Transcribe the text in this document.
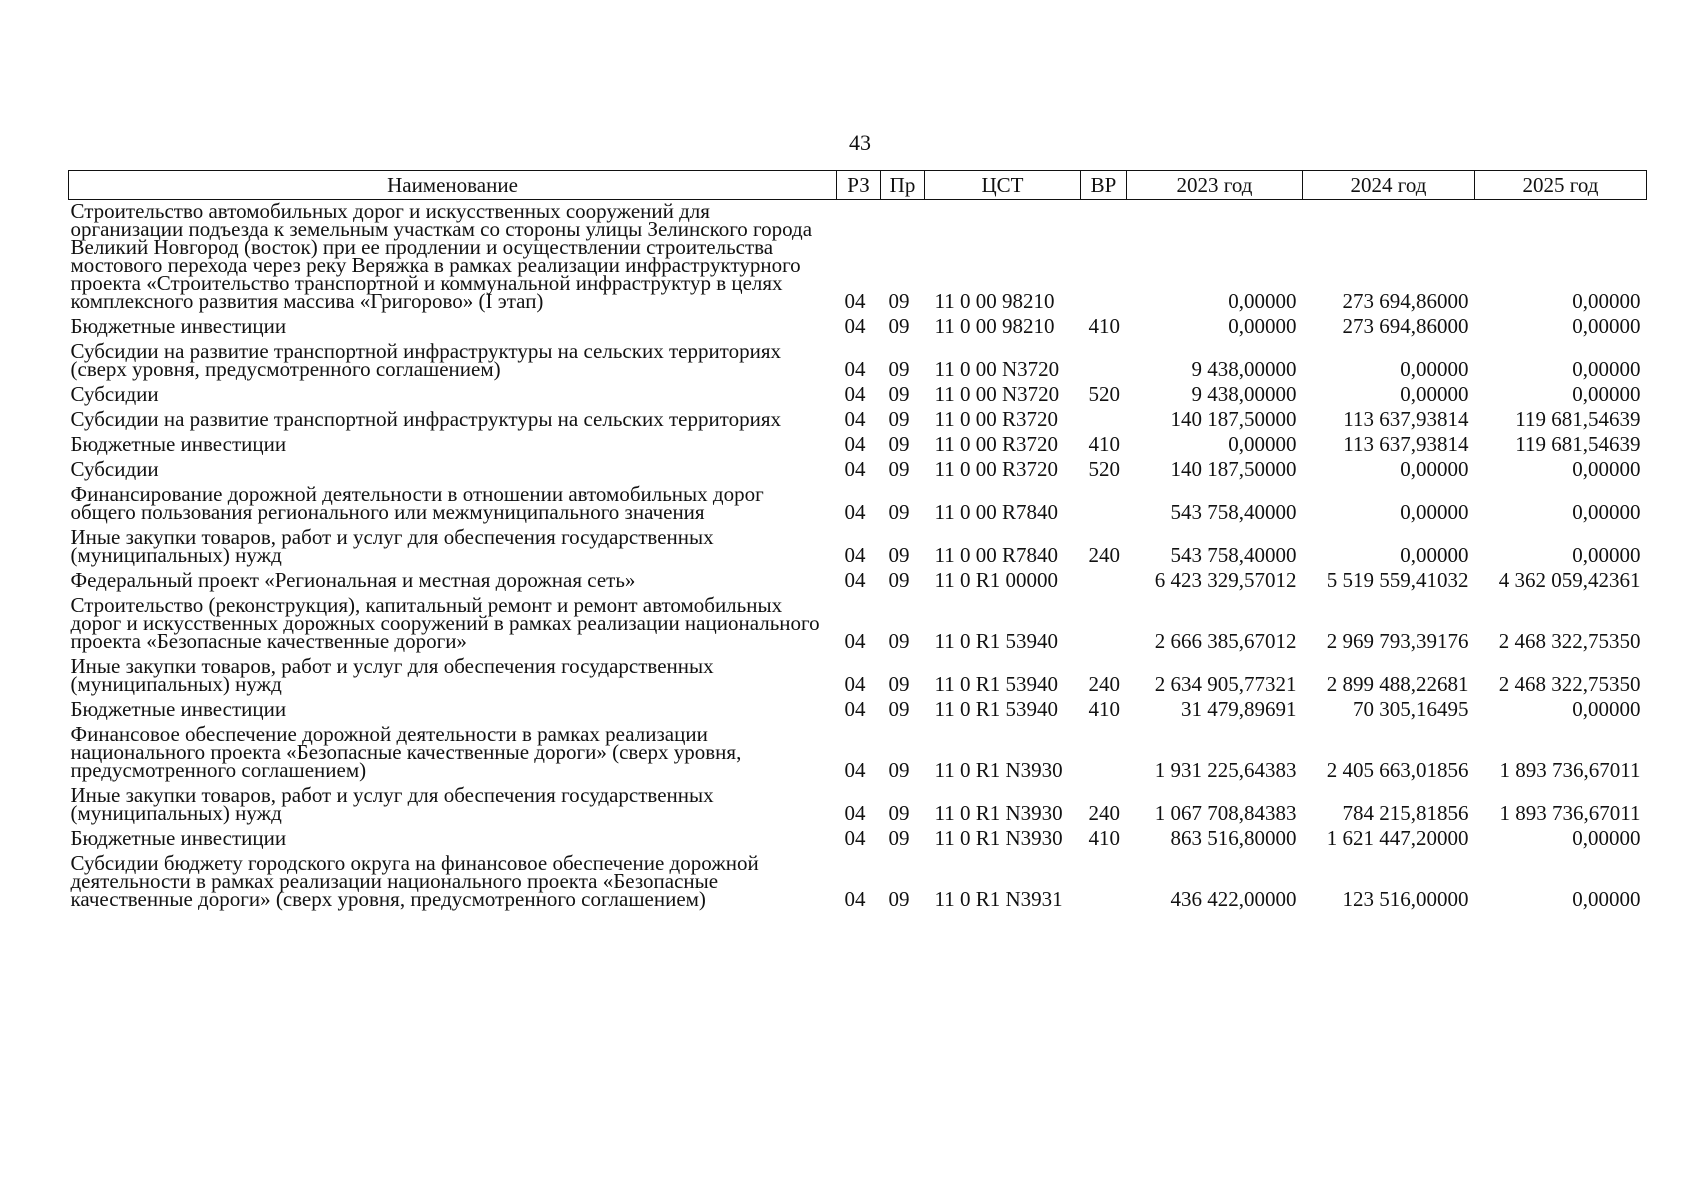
43
Наименование	РЗ	Пр	ЦСТ	ВР	2023 год	2024 год	2025 год
Строительство автомобильных дорог и искусственных сооружений для организации подъезда к земельным участкам со стороны улицы Зелинского города Великий Новгород (восток) при ее продлении и осуществлении строительства мостового перехода через реку Веряжка в рамках реализации инфраструктурного проекта «Строительство транспортной и коммунальной инфраструктур в целях комплексного развития массива «Григорово» (I этап)	04	09	11 0 00 98210		0,00000	273 694,86000	0,00000
Бюджетные инвестиции	04	09	11 0 00 98210	410	0,00000	273 694,86000	0,00000
Субсидии на развитие транспортной инфраструктуры на сельских территориях (сверх уровня, предусмотренного соглашением)	04	09	11 0 00 N3720		9 438,00000	0,00000	0,00000
Субсидии	04	09	11 0 00 N3720	520	9 438,00000	0,00000	0,00000
Субсидии на развитие транспортной инфраструктуры на сельских территориях	04	09	11 0 00 R3720		140 187,50000	113 637,93814	119 681,54639
Бюджетные инвестиции	04	09	11 0 00 R3720	410	0,00000	113 637,93814	119 681,54639
Субсидии	04	09	11 0 00 R3720	520	140 187,50000	0,00000	0,00000
Финансирование дорожной деятельности в отношении автомобильных дорог общего пользования регионального или межмуниципального значения	04	09	11 0 00 R7840		543 758,40000	0,00000	0,00000
Иные закупки товаров, работ и услуг для обеспечения государственных (муниципальных) нужд	04	09	11 0 00 R7840	240	543 758,40000	0,00000	0,00000
Федеральный проект «Региональная и местная дорожная сеть»	04	09	11 0 R1 00000		6 423 329,57012	5 519 559,41032	4 362 059,42361
Строительство (реконструкция), капитальный ремонт и ремонт автомобильных дорог и искусственных дорожных сооружений в рамках реализации национального проекта «Безопасные качественные дороги»	04	09	11 0 R1 53940		2 666 385,67012	2 969 793,39176	2 468 322,75350
Иные закупки товаров, работ и услуг для обеспечения государственных (муниципальных) нужд	04	09	11 0 R1 53940	240	2 634 905,77321	2 899 488,22681	2 468 322,75350
Бюджетные инвестиции	04	09	11 0 R1 53940	410	31 479,89691	70 305,16495	0,00000
Финансовое обеспечение дорожной деятельности в рамках реализации национального проекта «Безопасные качественные дороги» (сверх уровня, предусмотренного соглашением)	04	09	11 0 R1 N3930		1 931 225,64383	2 405 663,01856	1 893 736,67011
Иные закупки товаров, работ и услуг для обеспечения государственных (муниципальных) нужд	04	09	11 0 R1 N3930	240	1 067 708,84383	784 215,81856	1 893 736,67011
Бюджетные инвестиции	04	09	11 0 R1 N3930	410	863 516,80000	1 621 447,20000	0,00000
Субсидии бюджету городского округа на финансовое обеспечение дорожной деятельности в рамках реализации национального проекта «Безопасные качественные дороги» (сверх уровня, предусмотренного соглашением)	04	09	11 0 R1 N3931		436 422,00000	123 516,00000	0,00000
